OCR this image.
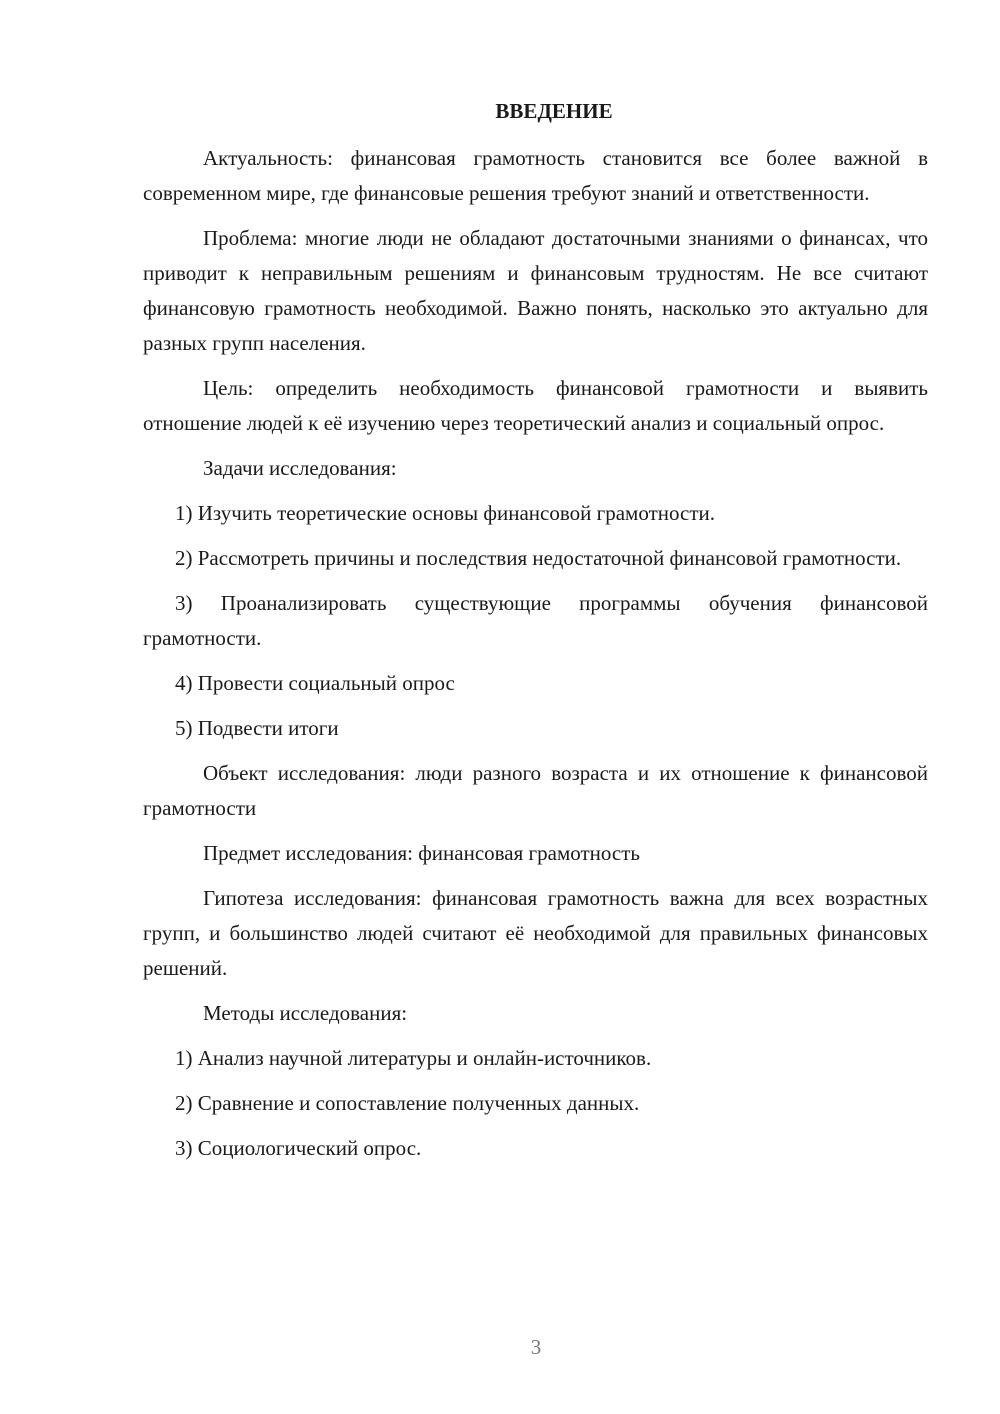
ВВЕДЕНИЕ

Актуальность: финансовая грамотность становится все более важной в современном мире, где финансовые решения требуют знаний и ответственности.

Проблема: многие люди не обладают достаточными знаниями о финансах, что приводит к неправильным решениям и финансовым трудностям. Не все считают финансовую грамотность необходимой. Важно понять, насколько это актуально для разных групп населения.

Цель: определить необходимость финансовой грамотности и выявить отношение людей к её изучению через теоретический анализ и социальный опрос.

Задачи исследования:

1) Изучить теоретические основы финансовой грамотности.

2) Рассмотреть причины и последствия недостаточной финансовой грамотности.

3) Проанализировать существующие программы обучения финансовой грамотности.

4) Провести социальный опрос

5) Подвести итоги

Объект исследования: люди разного возраста и их отношение к финансовой грамотности

Предмет исследования: финансовая грамотность

Гипотеза исследования: финансовая грамотность важна для всех возрастных групп, и большинство людей считают её необходимой для правильных финансовых решений.

Методы исследования:

1) Анализ научной литературы и онлайн-источников.

2) Сравнение и сопоставление полученных данных.

3) Социологический опрос.

3
